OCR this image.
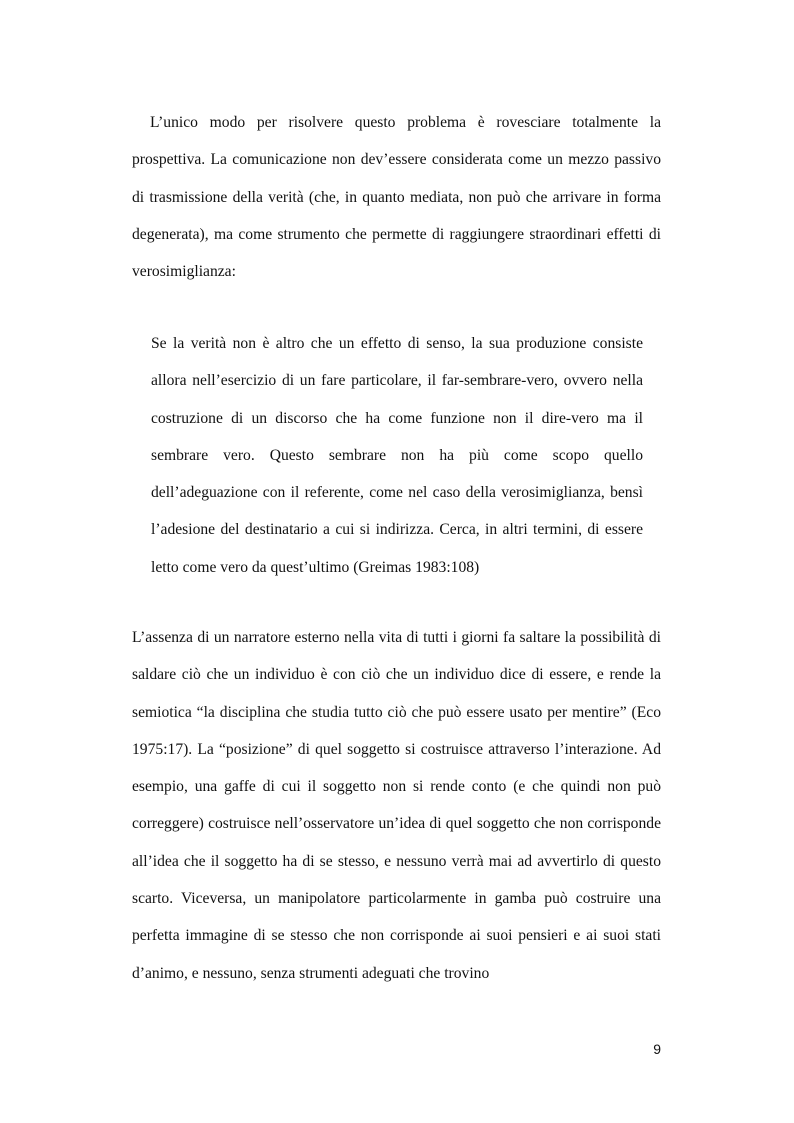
L’unico modo per risolvere questo problema è rovesciare totalmente la prospettiva. La comunicazione non dev’essere considerata come un mezzo passivo di trasmissione della verità (che, in quanto mediata, non può che arrivare in forma degenerata), ma come strumento che permette di raggiungere straordinari effetti di verosimiglianza:

Se la verità non è altro che un effetto di senso, la sua produzione consiste allora nell’esercizio di un fare particolare, il far-sembrare-vero, ovvero nella costruzione di un discorso che ha come funzione non il dire-vero ma il sembrare vero. Questo sembrare non ha più come scopo quello dell’adeguazione con il referente, come nel caso della verosimiglianza, bensì l’adesione del destinatario a cui si indirizza. Cerca, in altri termini, di essere letto come vero da quest’ultimo (Greimas 1983:108)

L’assenza di un narratore esterno nella vita di tutti i giorni fa saltare la possibilità di saldare ciò che un individuo è con ciò che un individuo dice di essere, e rende la semiotica “la disciplina che studia tutto ciò che può essere usato per mentire” (Eco 1975:17). La “posizione” di quel soggetto si costruisce attraverso l’interazione. Ad esempio, una gaffe di cui il soggetto non si rende conto (e che quindi non può correggere) costruisce nell’osservatore un’idea di quel soggetto che non corrisponde all’idea che il soggetto ha di se stesso, e nessuno verrà mai ad avvertirlo di questo scarto. Viceversa, un manipolatore particolarmente in gamba può costruire una perfetta immagine di se stesso che non corrisponde ai suoi pensieri e ai suoi stati d’animo, e nessuno, senza strumenti adeguati che trovino

9
